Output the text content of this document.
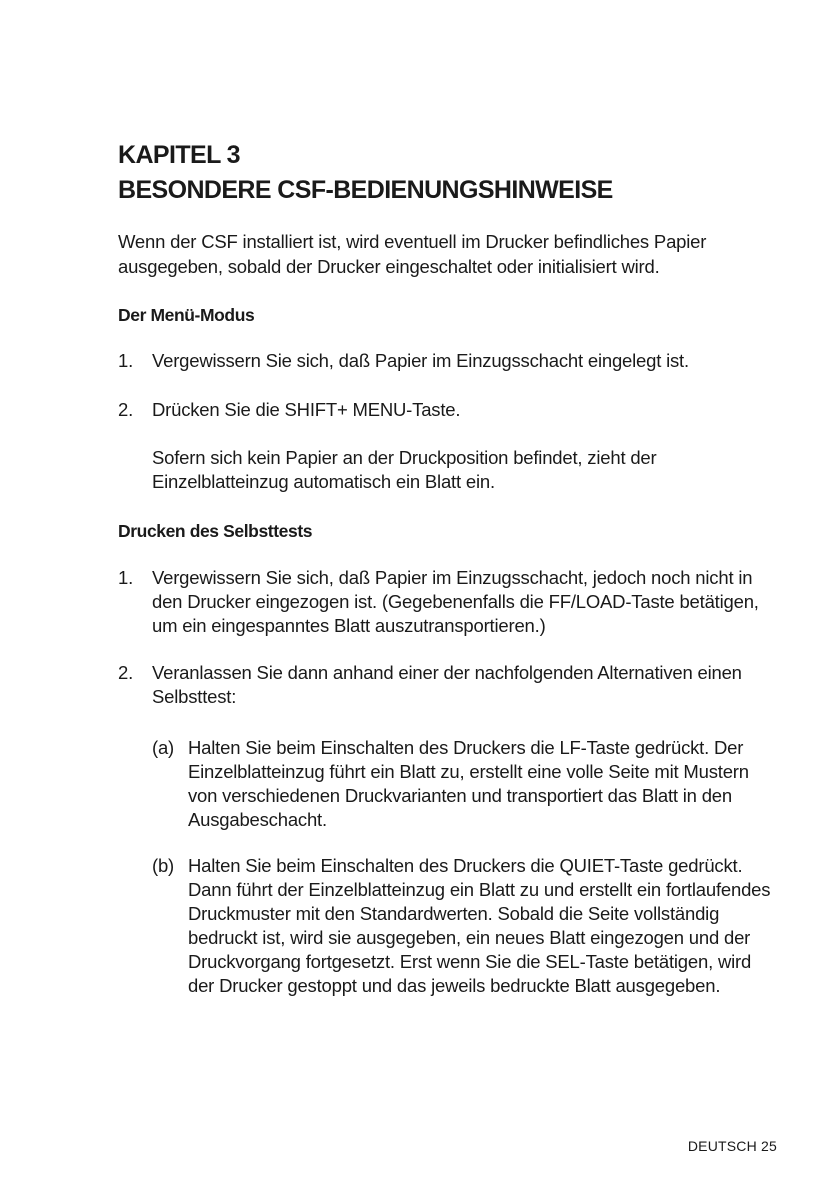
KAPITEL 3
BESONDERE CSF-BEDIENUNGSHINWEISE

Wenn der CSF installiert ist, wird eventuell im Drucker befindliches Papier ausgegeben, sobald der Drucker eingeschaltet oder initialisiert wird.

Der Menü-Modus
1.	Vergewissern Sie sich, daß Papier im Einzugsschacht eingelegt ist.
2.	Drücken Sie die SHIFT+ MENU-Taste.

Sofern sich kein Papier an der Druckposition befindet, zieht der Einzelblatteinzug automatisch ein Blatt ein.

Drucken des Selbsttests
1.	Vergewissern Sie sich, daß Papier im Einzugsschacht, jedoch noch nicht in den Drucker eingezogen ist. (Gegebenenfalls die FF/LOAD-Taste betätigen, um ein eingespanntes Blatt auszutransportieren.)
2.	Veranlassen Sie dann anhand einer der nachfolgenden Alternativen einen Selbsttest:
(a) Halten Sie beim Einschalten des Druckers die LF-Taste gedrückt. Der Einzelblatteinzug führt ein Blatt zu, erstellt eine volle Seite mit Mustern von verschiedenen Druckvarianten und transportiert das Blatt in den Ausgabeschacht.
(b) Halten Sie beim Einschalten des Druckers die QUIET-Taste gedrückt. Dann führt der Einzelblatteinzug ein Blatt zu und erstellt ein fortlaufendes Druckmuster mit den Standardwerten. Sobald die Seite vollständig bedruckt ist, wird sie ausgegeben, ein neues Blatt eingezogen und der Druckvorgang fortgesetzt. Erst wenn Sie die SEL-Taste betätigen, wird der Drucker gestoppt und das jeweils bedruckte Blatt ausgegeben.
DEUTSCH 25
